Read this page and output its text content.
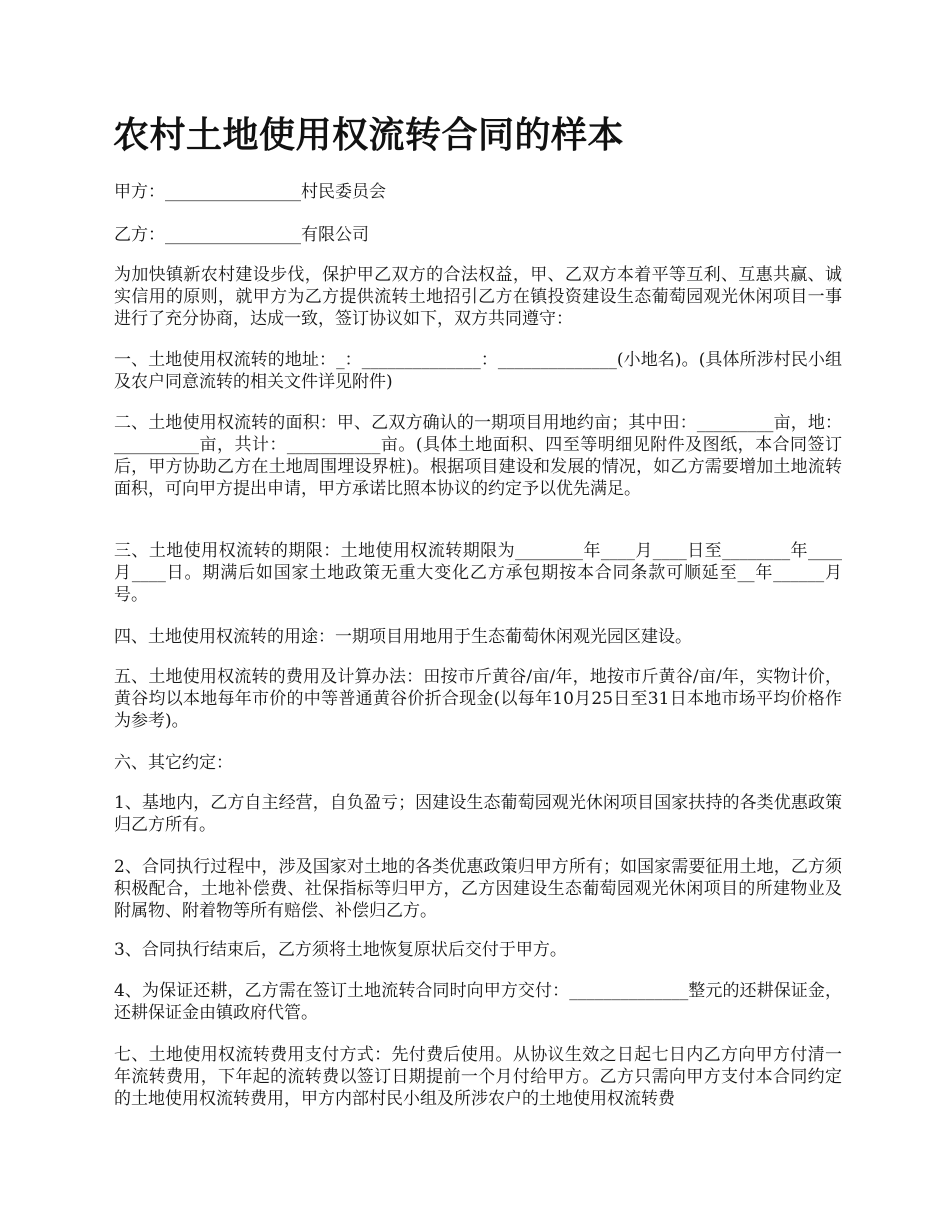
农村土地使用权流转合同的样本

甲方：________________村民委员会

乙方：________________有限公司

为加快镇新农村建设步伐，保护甲乙双方的合法权益，甲、乙双方本着平等互利、互惠共赢、诚实信用的原则，就甲方为乙方提供流转土地招引乙方在镇投资建设生态葡萄园观光休闲项目一事进行了充分协商，达成一致，签订协议如下，双方共同遵守：

一、土地使用权流转的地址：_：______________：______________(小地名)。(具体所涉村民小组及农户同意流转的相关文件详见附件)

二、土地使用权流转的面积：甲、乙双方确认的一期项目用地约亩；其中田：_________亩，地：__________亩，共计：___________亩。(具体土地面积、四至等明细见附件及图纸，本合同签订后，甲方协助乙方在土地周围埋设界桩)。根据项目建设和发展的情况，如乙方需要增加土地流转面积，可向甲方提出申请，甲方承诺比照本协议的约定予以优先满足。

三、土地使用权流转的期限：土地使用权流转期限为________年____月____日至________年____月____日。期满后如国家土地政策无重大变化乙方承包期按本合同条款可顺延至__年______月号。

四、土地使用权流转的用途：一期项目用地用于生态葡萄休闲观光园区建设。

五、土地使用权流转的费用及计算办法：田按市斤黄谷/亩/年，地按市斤黄谷/亩/年，实物计价，黄谷均以本地每年市价的中等普通黄谷价折合现金(以每年10月25日至31日本地市场平均价格作为参考)。

六、其它约定：

1、基地内，乙方自主经营，自负盈亏；因建设生态葡萄园观光休闲项目国家扶持的各类优惠政策归乙方所有。

2、合同执行过程中，涉及国家对土地的各类优惠政策归甲方所有；如国家需要征用土地，乙方须积极配合，土地补偿费、社保指标等归甲方，乙方因建设生态葡萄园观光休闲项目的所建物业及附属物、附着物等所有赔偿、补偿归乙方。

3、合同执行结束后，乙方须将土地恢复原状后交付于甲方。

4、为保证还耕，乙方需在签订土地流转合同时向甲方交付：______________整元的还耕保证金，还耕保证金由镇政府代管。

七、土地使用权流转费用支付方式：先付费后使用。从协议生效之日起七日内乙方向甲方付清一年流转费用，下年起的流转费以签订日期提前一个月付给甲方。乙方只需向甲方支付本合同约定的土地使用权流转费用，甲方内部村民小组及所涉农户的土地使用权流转费
